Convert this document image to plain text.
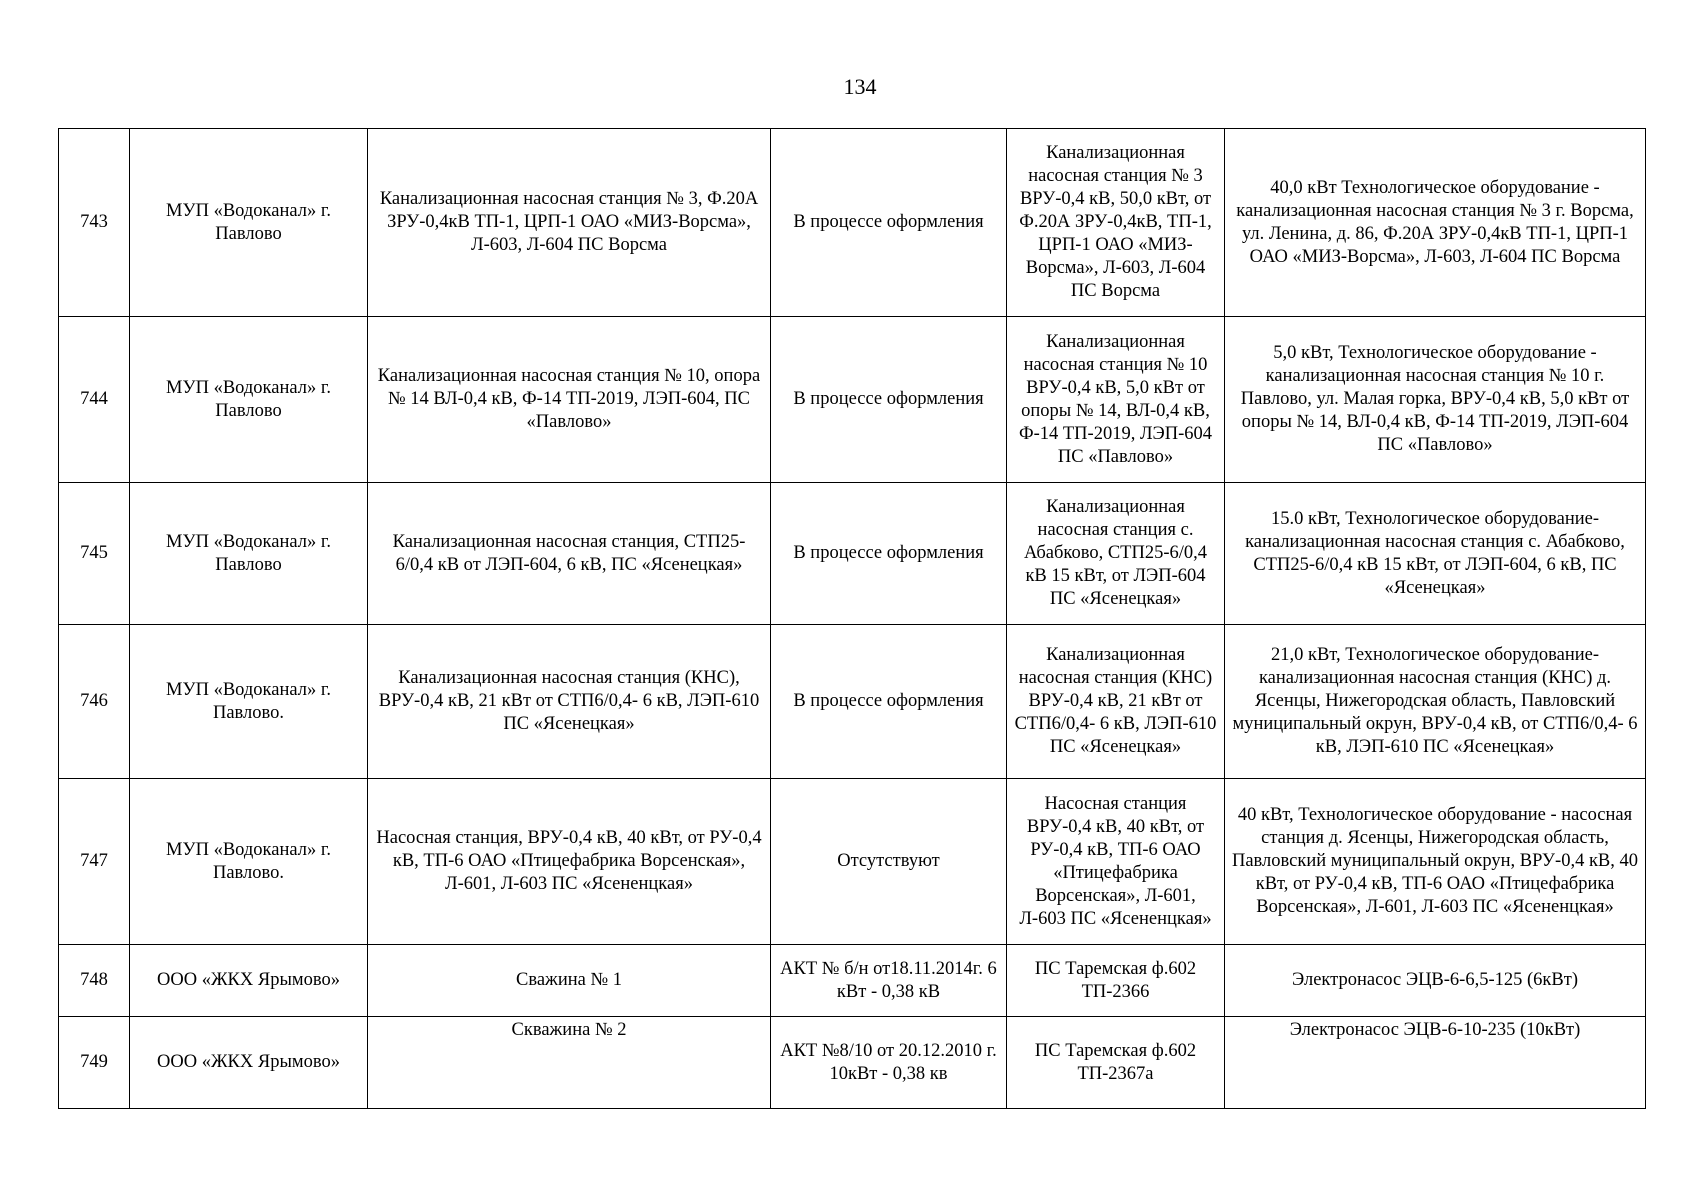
134
743	МУП «Водоканал» г. Павлово	Канализационная насосная станция № 3, Ф.20А ЗРУ-0,4кВ ТП-1, ЦРП-1 ОАО «МИЗ-Ворсма», Л-603, Л-604 ПС Ворсма	В процессе оформления	Канализационная насосная станция № 3 ВРУ-0,4 кВ, 50,0 кВт, от Ф.20А ЗРУ-0,4кВ, ТП-1, ЦРП-1 ОАО «МИЗ-Ворсма», Л-603, Л-604 ПС Ворсма	40,0 кВт Технологическое оборудование - канализационная насосная станция № 3 г. Ворсма, ул. Ленина, д. 86, Ф.20А ЗРУ-0,4кВ ТП-1, ЦРП-1 ОАО «МИЗ-Ворсма», Л-603, Л-604 ПС Ворсма
744	МУП «Водоканал» г. Павлово	Канализационная насосная станция № 10, опора № 14 ВЛ-0,4 кВ, Ф-14 ТП-2019, ЛЭП-604, ПС «Павлово»	В процессе оформления	Канализационная насосная станция № 10 ВРУ-0,4 кВ, 5,0 кВт от опоры № 14, ВЛ-0,4 кВ, Ф-14 ТП-2019, ЛЭП-604 ПС «Павлово»	5,0 кВт, Технологическое оборудование - канализационная насосная станция № 10 г. Павлово, ул. Малая горка, ВРУ-0,4 кВ, 5,0 кВт от опоры № 14, ВЛ-0,4 кВ, Ф-14 ТП-2019, ЛЭП-604 ПС «Павлово»
745	МУП «Водоканал» г. Павлово	Канализационная насосная станция, СТП25-6/0,4 кВ от ЛЭП-604, 6 кВ, ПС «Ясенецкая»	В процессе оформления	Канализационная насосная станция с. Абабково, СТП25-6/0,4 кВ 15 кВт, от ЛЭП-604 ПС «Ясенецкая»	15.0 кВт, Технологическое оборудование-канализационная насосная станция с. Абабково, СТП25-6/0,4 кВ 15 кВт, от ЛЭП-604, 6 кВ, ПС «Ясенецкая»
746	МУП «Водоканал» г. Павлово.	Канализационная насосная станция (КНС), ВРУ-0,4 кВ, 21 кВт от СТП6/0,4- 6 кВ, ЛЭП-610 ПС «Ясенецкая»	В процессе оформления	Канализационная насосная станция (КНС) ВРУ-0,4 кВ, 21 кВт от СТП6/0,4- 6 кВ, ЛЭП-610 ПС «Ясенецкая»	21,0 кВт, Технологическое оборудование-канализационная насосная станция (КНС) д. Ясенцы, Нижегородская область, Павловский муниципальный окрун, ВРУ-0,4 кВ, от СТП6/0,4- 6 кВ, ЛЭП-610 ПС «Ясенецкая»
747	МУП «Водоканал» г. Павлово.	Насосная станция, ВРУ-0,4 кВ, 40 кВт, от РУ-0,4 кВ, ТП-6 ОАО «Птицефабрика Ворсенская», Л-601, Л-603 ПС «Ясененцкая»	Отсутствуют	Насосная станция ВРУ-0,4 кВ, 40 кВт, от РУ-0,4 кВ, ТП-6 ОАО «Птицефабрика Ворсенская», Л-601, Л-603 ПС «Ясененцкая»	40 кВт, Технологическое оборудование - насосная станция д. Ясенцы, Нижегородская область, Павловский муниципальный окрун, ВРУ-0,4 кВ, 40 кВт, от РУ-0,4 кВ, ТП-6 ОАО «Птицефабрика Ворсенская», Л-601, Л-603 ПС «Ясененцкая»
748	ООО «ЖКХ Ярымово»	Сважина № 1	АКТ № б/н от18.11.2014г. 6 кВт - 0,38 кВ	ПС Таремская ф.602 ТП-2366	Электронасос ЭЦВ-6-6,5-125 (6кВт)
749	ООО «ЖКХ Ярымово»	Скважина № 2	АКТ №8/10 от 20.12.2010 г. 10кВт - 0,38 кв	ПС Таремская ф.602 ТП-2367а	Электронасос ЭЦВ-6-10-235 (10кВт)
